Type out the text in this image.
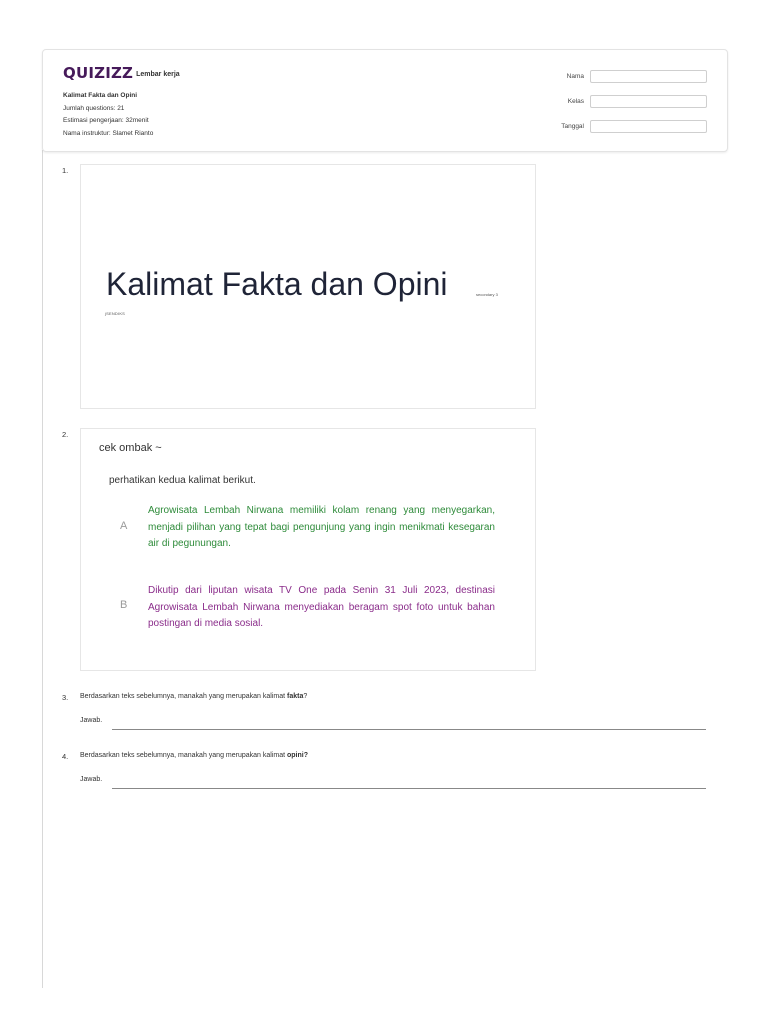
QUIZIZZ Lembar kerja
Kalimat Fakta dan Opini
Jumlah questions: 21
Estimasi pengerjaan: 32menit
Nama instruktur: Slamet Rianto
Nama
Kelas
Tanggal
1.
Kalimat Fakta dan Opini	secondary 3
jSENDIKS
2.
cek ombak ~
perhatikan kedua kalimat berikut.
A
Agrowisata Lembah Nirwana memiliki kolam renang yang menyegarkan, menjadi pilihan yang tepat bagi pengunjung yang ingin menikmati kesegaran air di pegunungan.
B
Dikutip dari liputan wisata TV One pada Senin 31 Juli 2023, destinasi Agrowisata Lembah Nirwana menyediakan beragam spot foto untuk bahan postingan di media sosial.
3. Berdasarkan teks sebelumnya, manakah yang merupakan kalimat fakta?
Jawab.
4. Berdasarkan teks sebelumnya, manakah yang merupakan kalimat opini?
Jawab.
